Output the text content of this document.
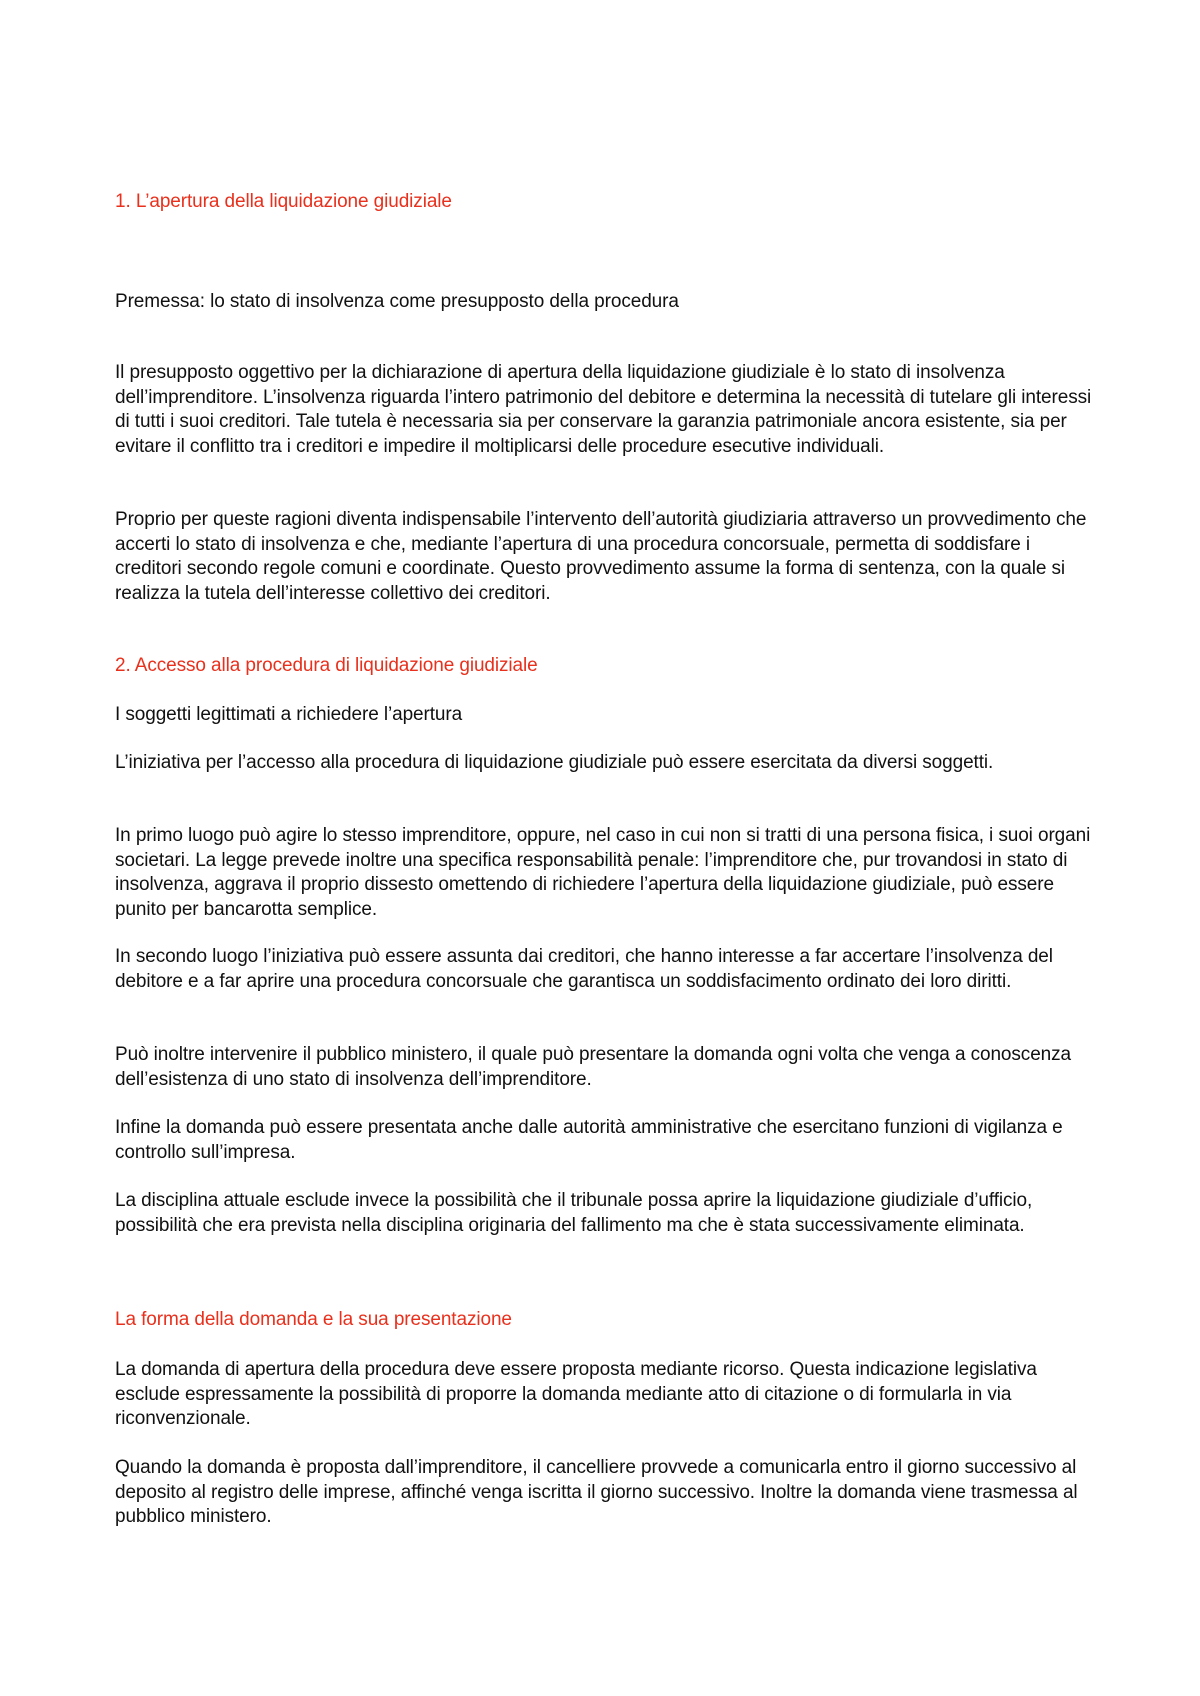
1. L’apertura della liquidazione giudiziale

Premessa: lo stato di insolvenza come presupposto della procedura

Il presupposto oggettivo per la dichiarazione di apertura della liquidazione giudiziale è lo stato di insolvenza dell’imprenditore. L’insolvenza riguarda l’intero patrimonio del debitore e determina la necessità di tutelare gli interessi di tutti i suoi creditori. Tale tutela è necessaria sia per conservare la garanzia patrimoniale ancora esistente, sia per evitare il conflitto tra i creditori e impedire il moltiplicarsi delle procedure esecutive individuali.

Proprio per queste ragioni diventa indispensabile l’intervento dell’autorità giudiziaria attraverso un provvedimento che accerti lo stato di insolvenza e che, mediante l’apertura di una procedura concorsuale, permetta di soddisfare i creditori secondo regole comuni e coordinate. Questo provvedimento assume la forma di sentenza, con la quale si realizza la tutela dell’interesse collettivo dei creditori.

2. Accesso alla procedura di liquidazione giudiziale

I soggetti legittimati a richiedere l’apertura

L’iniziativa per l’accesso alla procedura di liquidazione giudiziale può essere esercitata da diversi soggetti.

In primo luogo può agire lo stesso imprenditore, oppure, nel caso in cui non si tratti di una persona fisica, i suoi organi societari. La legge prevede inoltre una specifica responsabilità penale: l’imprenditore che, pur trovandosi in stato di insolvenza, aggrava il proprio dissesto omettendo di richiedere l’apertura della liquidazione giudiziale, può essere punito per bancarotta semplice.

In secondo luogo l’iniziativa può essere assunta dai creditori, che hanno interesse a far accertare l’insolvenza del debitore e a far aprire una procedura concorsuale che garantisca un soddisfacimento ordinato dei loro diritti.

Può inoltre intervenire il pubblico ministero, il quale può presentare la domanda ogni volta che venga a conoscenza dell’esistenza di uno stato di insolvenza dell’imprenditore.

Infine la domanda può essere presentata anche dalle autorità amministrative che esercitano funzioni di vigilanza e controllo sull’impresa.

La disciplina attuale esclude invece la possibilità che il tribunale possa aprire la liquidazione giudiziale d’ufficio, possibilità che era prevista nella disciplina originaria del fallimento ma che è stata successivamente eliminata.

La forma della domanda e la sua presentazione

La domanda di apertura della procedura deve essere proposta mediante ricorso. Questa indicazione legislativa esclude espressamente la possibilità di proporre la domanda mediante atto di citazione o di formularla in via riconvenzionale.

Quando la domanda è proposta dall’imprenditore, il cancelliere provvede a comunicarla entro il giorno successivo al deposito al registro delle imprese, affinché venga iscritta il giorno successivo. Inoltre la domanda viene trasmessa al pubblico ministero.
